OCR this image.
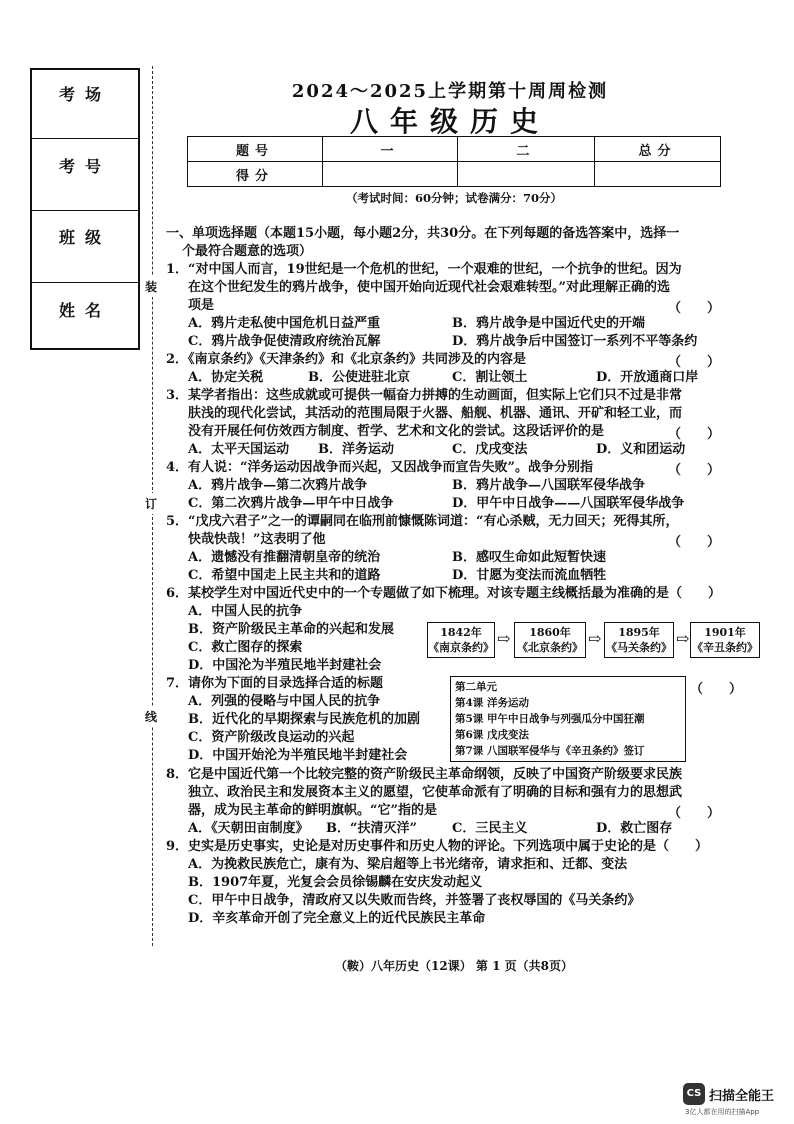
考场
考号
班级
姓名
装
订
线
2024～2025上学期第十周周检测
八年级历史
题号	一	二	总分
得分			
（考试时间：60分钟；试卷满分：70分）
一、单项选择题（本题15小题，每小题2分，共30分。在下列每题的备选答案中，选择一
个最符合题意的选项）
1．“对中国人而言，19世纪是一个危机的世纪，一个艰难的世纪，一个抗争的世纪。因为
在这个世纪发生的鸦片战争，使中国开始向近现代社会艰难转型。”对此理解正确的选
项是	（　　）
A．鸦片走私使中国危机日益严重	B．鸦片战争是中国近代史的开端
C．鸦片战争促使清政府统治瓦解	D．鸦片战争后中国签订一系列不平等条约
2．《南京条约》《天津条约》和《北京条约》共同涉及的内容是	（　　）
A．协定关税	B．公使进驻北京	C．割让领土	D．开放通商口岸
3．某学者指出：这些成就或可提供一幅奋力拼搏的生动画面，但实际上它们只不过是非常
肤浅的现代化尝试，其活动的范围局限于火器、船舰、机器、通讯、开矿和轻工业，而
没有开展任何仿效西方制度、哲学、艺术和文化的尝试。这段话评价的是	（　　）
A．太平天国运动 B．洋务运动	C．戊戌变法	D．义和团运动
4．有人说：“洋务运动因战争而兴起，又因战争而宣告失败”。战争分别指	（　　）
A．鸦片战争—第二次鸦片战争	B．鸦片战争—八国联军侵华战争
C．第二次鸦片战争—甲午中日战争	D．甲午中日战争——八国联军侵华战争
5．“戊戌六君子”之一的谭嗣同在临刑前慷慨陈词道：“有心杀贼，无力回天；死得其所，
快哉快哉！”这表明了他	（　　）
A．遗憾没有推翻清朝皇帝的统治	B．感叹生命如此短暂快速
C．希望中国走上民主共和的道路	D．甘愿为变法而流血牺牲
6．某校学生对中国近代史中的一个专题做了如下梳理。对该专题主线概括最为准确的是（　　）
A．中国人民的抗争
B．资产阶级民主革命的兴起和发展
C．救亡图存的探索
D．中国沦为半殖民地半封建社会
1842年
《南京条约》 ⇨	1860年
《北京条约》 ⇨	1895年
《马关条约》 ⇨	1901年
《辛丑条约》
7．请你为下面的目录选择合适的标题	（　　）
A．列强的侵略与中国人民的抗争
B．近代化的早期探索与民族危机的加剧
C．资产阶级改良运动的兴起
D．中国开始沦为半殖民地半封建社会
第二单元
第4课 洋务运动
第5课 甲午中日战争与列强瓜分中国狂潮
第6课 戊戌变法
第7课 八国联军侵华与《辛丑条约》签订
8．它是中国近代第一个比较完整的资产阶级民主革命纲领，反映了中国资产阶级要求民族
独立、政治民主和发展资本主义的愿望，它使革命派有了明确的目标和强有力的思想武
器，成为民主革命的鲜明旗帜。“它”指的是	（　　）
A．《天朝田亩制度》 B．“扶清灭洋”	C．三民主义	D．救亡图存
9．史实是历史事实，史论是对历史事件和历史人物的评论。下列选项中属于史论的是（　　）
A．为挽救民族危亡，康有为、梁启超等上书光绪帝，请求拒和、迁都、变法
B．1907年夏，光复会会员徐锡麟在安庆发动起义
C．甲午中日战争，清政府又以失败而告终，并签署了丧权辱国的《马关条约》
D．辛亥革命开创了完全意义上的近代民族民主革命
（鞍）八年历史（12课） 第 1 页（共8页）
CS 扫描全能王
3亿人都在用的扫描App
